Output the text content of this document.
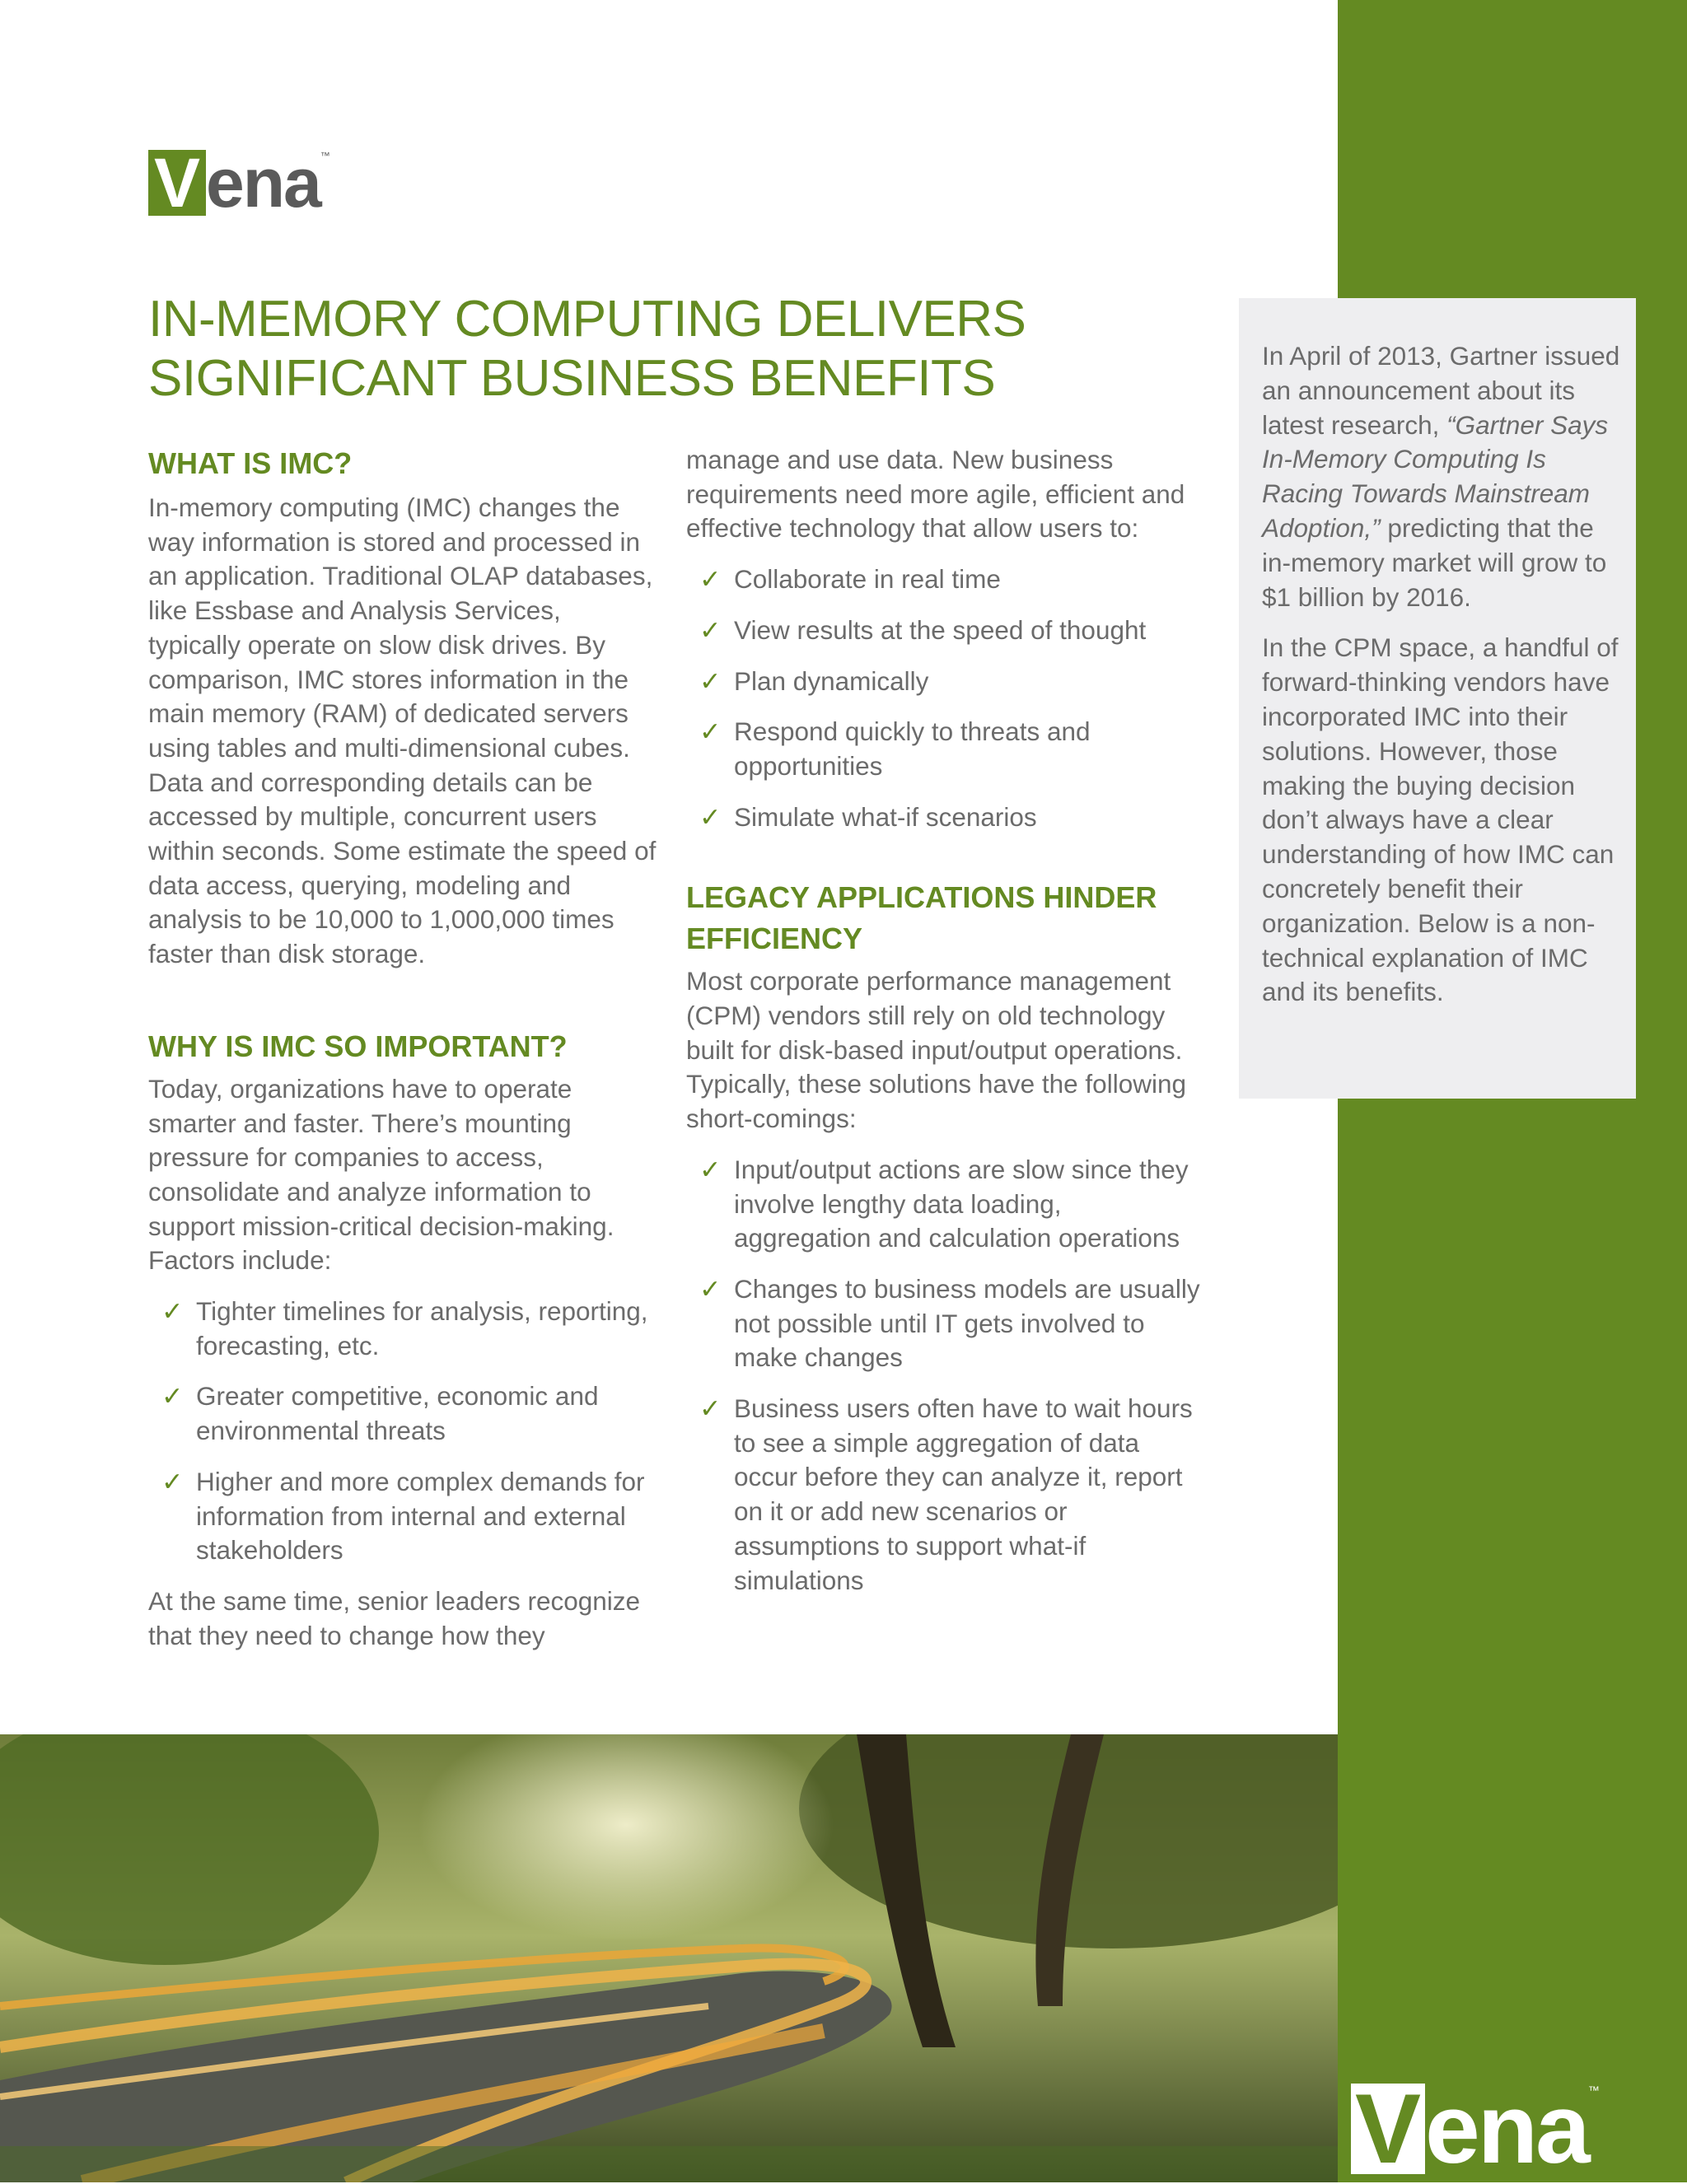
Vena™
IN-MEMORY COMPUTING DELIVERS
SIGNIFICANT BUSINESS BENEFITS
WHAT IS IMC?

In-memory computing (IMC) changes the way information is stored and processed in an application. Traditional OLAP databases, like Essbase and Analysis Services, typically operate on slow disk drives. By comparison, IMC stores information in the main memory (RAM) of dedicated servers using tables and multi-dimensional cubes. Data and corresponding details can be accessed by multiple, concurrent users within seconds. Some estimate the speed of data access, querying, modeling and analysis to be 10,000 to 1,000,000 times faster than disk storage.

WHY IS IMC SO IMPORTANT?

Today, organizations have to operate smarter and faster. There’s mounting pressure for companies to access, consolidate and analyze information to support mission-critical decision-making. Factors include:

✓ Tighter timelines for analysis, reporting, forecasting, etc.
✓ Greater competitive, economic and environmental threats
✓ Higher and more complex demands for information from internal and external stakeholders

At the same time, senior leaders recognize that they need to change how they

manage and use data. New business requirements need more agile, efficient and effective technology that allow users to:

✓ Collaborate in real time
✓ View results at the speed of thought
✓ Plan dynamically
✓ Respond quickly to threats and opportunities
✓ Simulate what-if scenarios
LEGACY APPLICATIONS HINDER EFFICIENCY

Most corporate performance management (CPM) vendors still rely on old technology built for disk-based input/output operations. Typically, these solutions have the following short-comings:

✓ Input/output actions are slow since they involve lengthy data loading, aggregation and calculation operations
✓ Changes to business models are usually not possible until IT gets involved to make changes
✓ Business users often have to wait hours to see a simple aggregation of data occur before they can analyze it, report on it or add new scenarios or assumptions to support what-if simulations

In April of 2013, Gartner issued an announcement about its latest research, “Gartner Says In-Memory Computing Is Racing Towards Mainstream Adoption,” predicting that the in-memory market will grow to $1 billion by 2016.

In the CPM space, a handful of forward-thinking vendors have incorporated IMC into their solutions. However, those making the buying decision don’t always have a clear understanding of how IMC can concretely benefit their organization. Below is a non-technical explanation of IMC and its benefits.

Vena™
